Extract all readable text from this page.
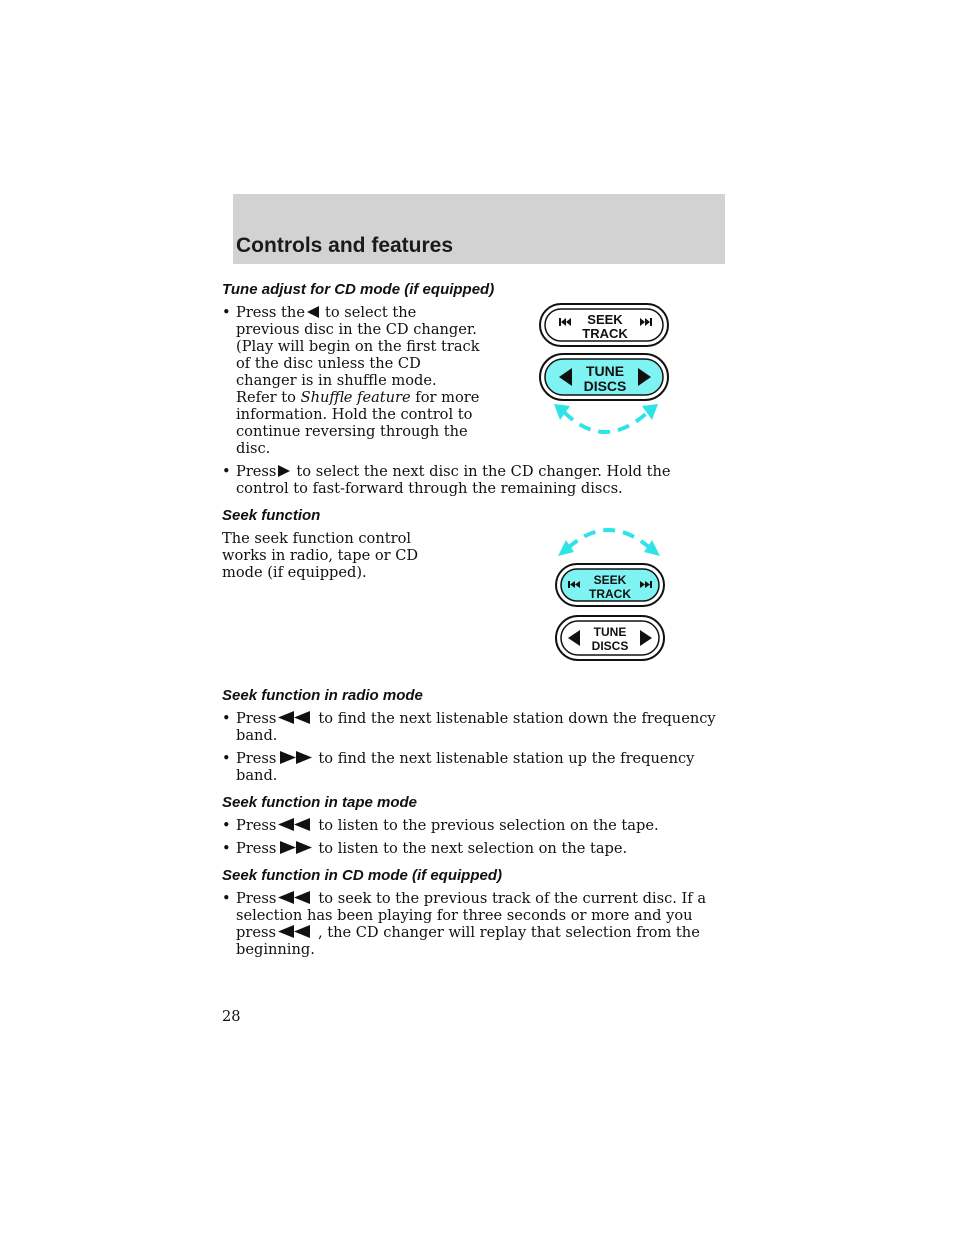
Controls and features
Tune adjust for CD mode (if equipped)
• Press the to select the previous disc in the CD changer. (Play will begin on the first track of the disc unless the CD changer is in shuffle mode. Refer to Shuffle feature for more information. Hold the control to continue reversing through the disc.
• Press to select the next disc in the CD changer. Hold the control to fast-forward through the remaining discs.
Seek function
The seek function control works in radio, tape or CD mode (if equipped).
Seek function in radio mode
• Press	to find the next listenable station down the frequency band.
• Press	to find the next listenable station up the frequency band.
Seek function in tape mode
• Press	to listen to the previous selection on the tape.
• Press	to listen to the next selection on the tape.
Seek function in CD mode (if equipped)
• Press	to seek to the previous track of the current disc. If a selection has been playing for three seconds or more and you press	, the CD changer will replay that selection from the beginning.
SEEK
TRACK
TUNE
DISCS
SEEK
TRACK
TUNE
DISCS
28
